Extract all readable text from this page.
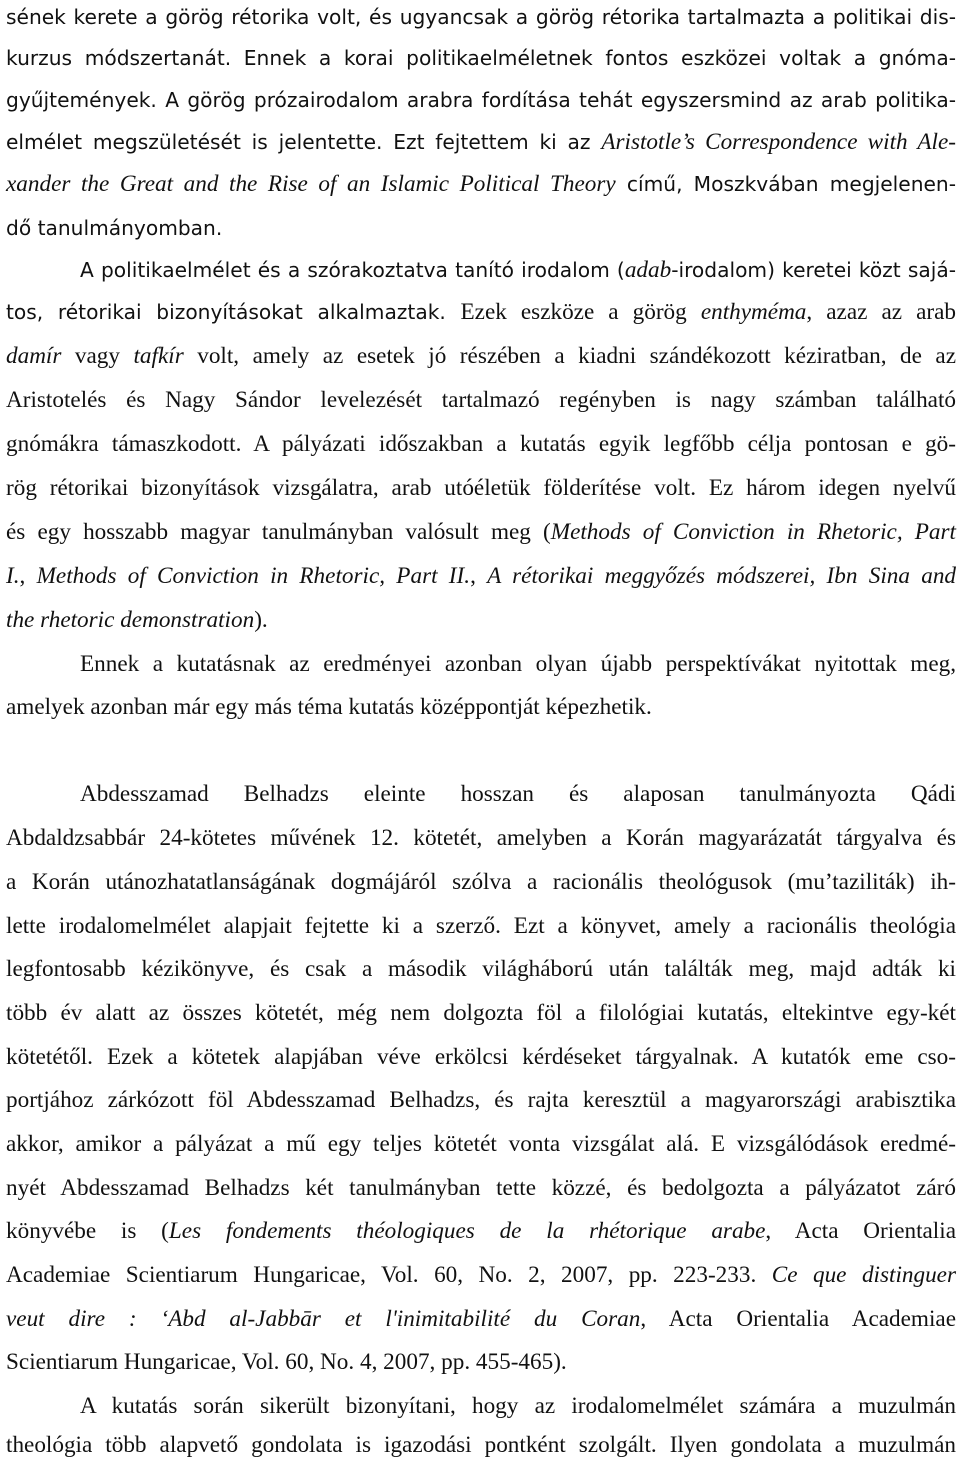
sének kerete a görög rétorika volt, és ugyancsak a görög rétorika tartalmazta a politikai dis-
kurzus módszertanát. Ennek a korai politikaelméletnek fontos eszközei voltak a gnóma-
gyűjtemények. A görög prózairodalom arabra fordítása tehát egyszersmind az arab politika-
elmélet megszületését is jelentette. Ezt fejtettem ki az Aristotle’s Correspondence with Ale-
xander the Great and the Rise of an Islamic Political Theory című, Moszkvában megjelenen-
dő tanulmányomban.
A politikaelmélet és a szórakoztatva tanító irodalom (adab-irodalom) keretei közt sajá-
tos, rétorikai bizonyításokat alkalmaztak. Ezek eszköze a görög enthyméma, azaz az arab
damír vagy tafkír volt, amely az esetek jó részében a kiadni szándékozott kéziratban, de az
Aristotelés és Nagy Sándor levelezését tartalmazó regényben is nagy számban található
gnómákra támaszkodott. A pályázati időszakban a kutatás egyik legfőbb célja pontosan e gö-
rög rétorikai bizonyítások vizsgálatra, arab utóéletük földerítése volt. Ez három idegen nyelvű
és egy hosszabb magyar tanulmányban valósult meg (Methods of Conviction in Rhetoric, Part
I., Methods of Conviction in Rhetoric, Part II., A rétorikai meggyőzés módszerei, Ibn Sina and
the rhetoric demonstration).
Ennek a kutatásnak az eredményei azonban olyan újabb perspektívákat nyitottak meg,
amelyek azonban már egy más téma kutatás középpontját képezhetik.
Abdesszamad Belhadzs eleinte hosszan és alaposan tanulmányozta Qádi
Abdaldzsabbár 24-kötetes művének 12. kötetét, amelyben a Korán magyarázatát tárgyalva és
a Korán utánozhatatlanságának dogmájáról szólva a racionális theológusok (mu’taziliták) ih-
lette irodalomelmélet alapjait fejtette ki a szerző. Ezt a könyvet, amely a racionális theológia
legfontosabb kézikönyve, és csak a második világháború után találták meg, majd adták ki
több év alatt az összes kötetét, még nem dolgozta föl a filológiai kutatás, eltekintve egy-két
kötetétől. Ezek a kötetek alapjában véve erkölcsi kérdéseket tárgyalnak. A kutatók eme cso-
portjához zárkózott föl Abdesszamad Belhadzs, és rajta keresztül a magyarországi arabisztika
akkor, amikor a pályázat a mű egy teljes kötetét vonta vizsgálat alá. E vizsgálódások eredmé-
nyét Abdesszamad Belhadzs két tanulmányban tette közzé, és bedolgozta a pályázatot záró
könyvébe is (Les fondements théologiques de la rhétorique arabe, Acta Orientalia
Academiae Scientiarum Hungaricae, Vol. 60, No. 2, 2007, pp. 223-233. Ce que distinguer
veut dire : ‘Abd al-Jabbār et l'inimitabilité du Coran, Acta Orientalia Academiae
Scientiarum Hungaricae, Vol. 60, No. 4, 2007, pp. 455-465).
A kutatás során sikerült bizonyítani, hogy az irodalomelmélet számára a muzulmán
theológia több alapvető gondolata is igazodási pontként szolgált. Ilyen gondolata a muzulmán
